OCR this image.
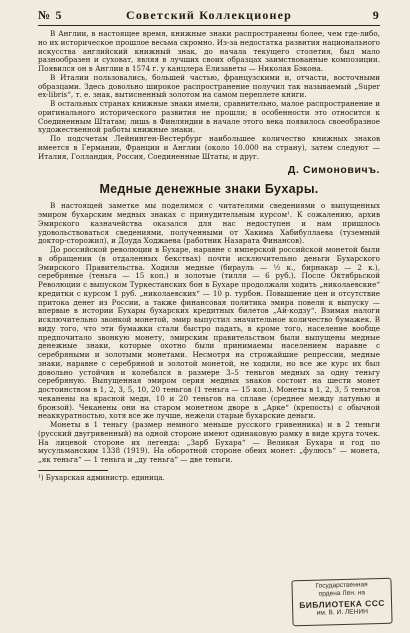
№ 5	Советский Коллекционер	9

В Англии, в настоящее время, книжные знаки распространены более, чем где-либо, но их историческое прошлое весьма скромно. Из-за недостатка развития национального искусства английский книжный знак, до начала текущего столетия, был мало разнообразен и суховат, являя в лучших своих образцах заимствованные композиции. Появился он в Англии в 1574 г. у канцлера Елизаветы — Николая Бэкона.

В Италии пользовались, большей частью, французскими и, отчасти, восточными образцами. Здесь довольно широкое распространение получил так называемый „Super ex-libris“, т. е. знак, вытисненный золотом на самом переплете книги.

В остальных странах книжные знаки имели, сравнительно, малое распространение и оригинального исторического развития не прошли; в особенности это относится к Соединенным Штатам; лишь в Финляндии в начале этого века появилось своеобразное художественной работы книжные знаки.

По подсчетам Лейнинген-Вестербург наибольшее количество книжных знаков имеется в Германии, Франции и Англии (около 10.000 на страну), затем следуют — Италия, Голландия, Россия, Соединенные Штаты, и друг.

Д. Симоновичъ.
Медные денежные знаки Бухары.

В настоящей заметке мы поделимся с читателями сведениями о выпущенных эмиром бухарским медных знаках с принудительным курсом¹. К сожалению, архив Эмирского казначейства оказался для нас недоступен и нам пришлось удовольствоваться сведениями, полученными от Хакима Хабибуллаева (туземный доктор-сторожил), и Доуда Ходжаева (работник Назарата Финансов).

До российской революции в Бухаре, наравне с имперской российской монетой были в обращении (в отдаленных бекствах) почти исключительно деньги Бухарского Эмирского Правительства. Ходили медные (бирауль — ½ к., бирнакар — 2 к.), серебряные (теньга — 15 коп.) и золотые (тилля — 6 руб.). После Октябрьской Революции с выпуском Туркестанских бон в Бухаре продолжали ходить „николаевские“ кредитки с курсом 1 руб. „николаевских“ — 10 р. турбон. Повышение цен и отсутствие притока денег из России, а также финансовая политика эмира повели к выпуску — впервые в истории Бухары бухарских кредитных билетов „Ай-кодзу“. Взимая налоги исключительно звонкой монетой, эмир выпустил значительное количество бумажек. В виду того, что эти бумажки стали быстро падать, в кроме того, население вообще предпочитало звонкую монету, эмирским правительством были выпущены медные денежные знаки, которые охотно были принимаемы населением наравне с серебряными и золотыми монетами. Несмотря на строжайшие репрессии, медные знаки, наравне с серебряной и золотой монетой, не ходили, но все же курс их был довольно устойчив и колебался в размере 3–5 теньгов медных за одну теньгу серебряную. Выпущенная эмиром серия медных знаков состоит на шести монет достоинством в 1, 2, 3, 5, 10, 20 теньгов (1 теньга — 15 коп.). Монеты в 1, 2, 3, 5 теньгов чеканены на красной меди, 10 и 20 теньгов на сплаве (среднее между латунью и бронзой). Чеканены они на старом монетном дворе в „Арке“ (крепость) с обычной неаккуратностью, хотя все же лучше, нежели старые бухарские деньги.

Монеты в 1 теньгу (размер немного меньше русского гривенника) и в 2 теньги (русский двугривенный) на одной стороне имеют одинаковую рамку в виде круга точек. На лицевой стороне их легенда: „Зарб Бухара“ — Великая Бухара и год по мусульманским 1338 (1919). На оборотной стороне обеих монет: „фулюсъ“ — монета, „як теньга“ — 1 теньга и „ду теньга“ — две теньги.

¹) Бухарская администр. единица.

Государственная
ордена Лен. на
БИБЛИОТЕКА ССС
им. В. И. ЛЕНИН
